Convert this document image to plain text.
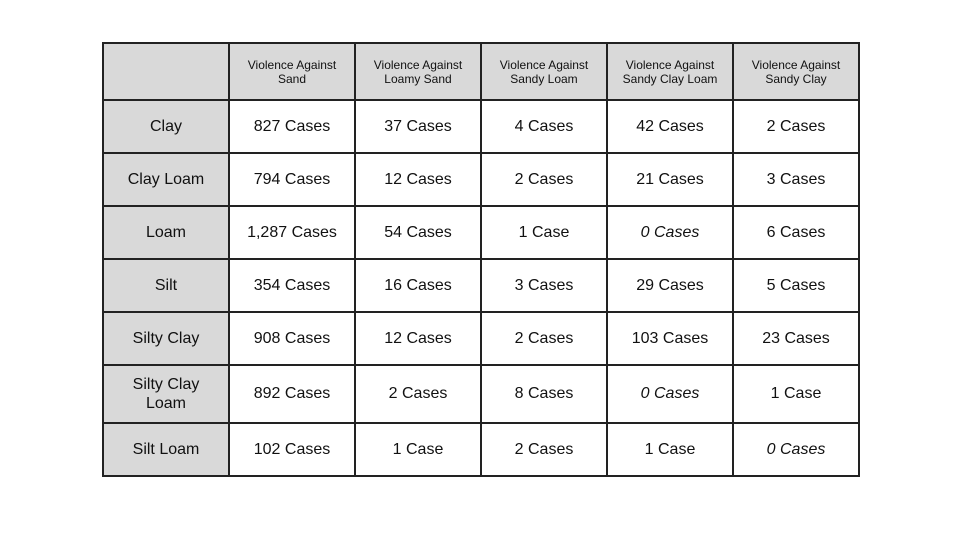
	Violence Against Sand	Violence Against Loamy Sand	Violence Against Sandy Loam	Violence Against Sandy Clay Loam	Violence Against Sandy Clay
Clay	827 Cases	37 Cases	4 Cases	42 Cases	2 Cases
Clay Loam	794 Cases	12 Cases	2 Cases	21 Cases	3 Cases
Loam	1,287 Cases	54 Cases	1 Case	0 Cases	6 Cases
Silt	354 Cases	16 Cases	3 Cases	29 Cases	5 Cases
Silty Clay	908 Cases	12 Cases	2 Cases	103 Cases	23 Cases
Silty Clay Loam	892 Cases	2 Cases	8 Cases	0 Cases	1 Case
Silt Loam	102 Cases	1 Case	2 Cases	1 Case	0 Cases
